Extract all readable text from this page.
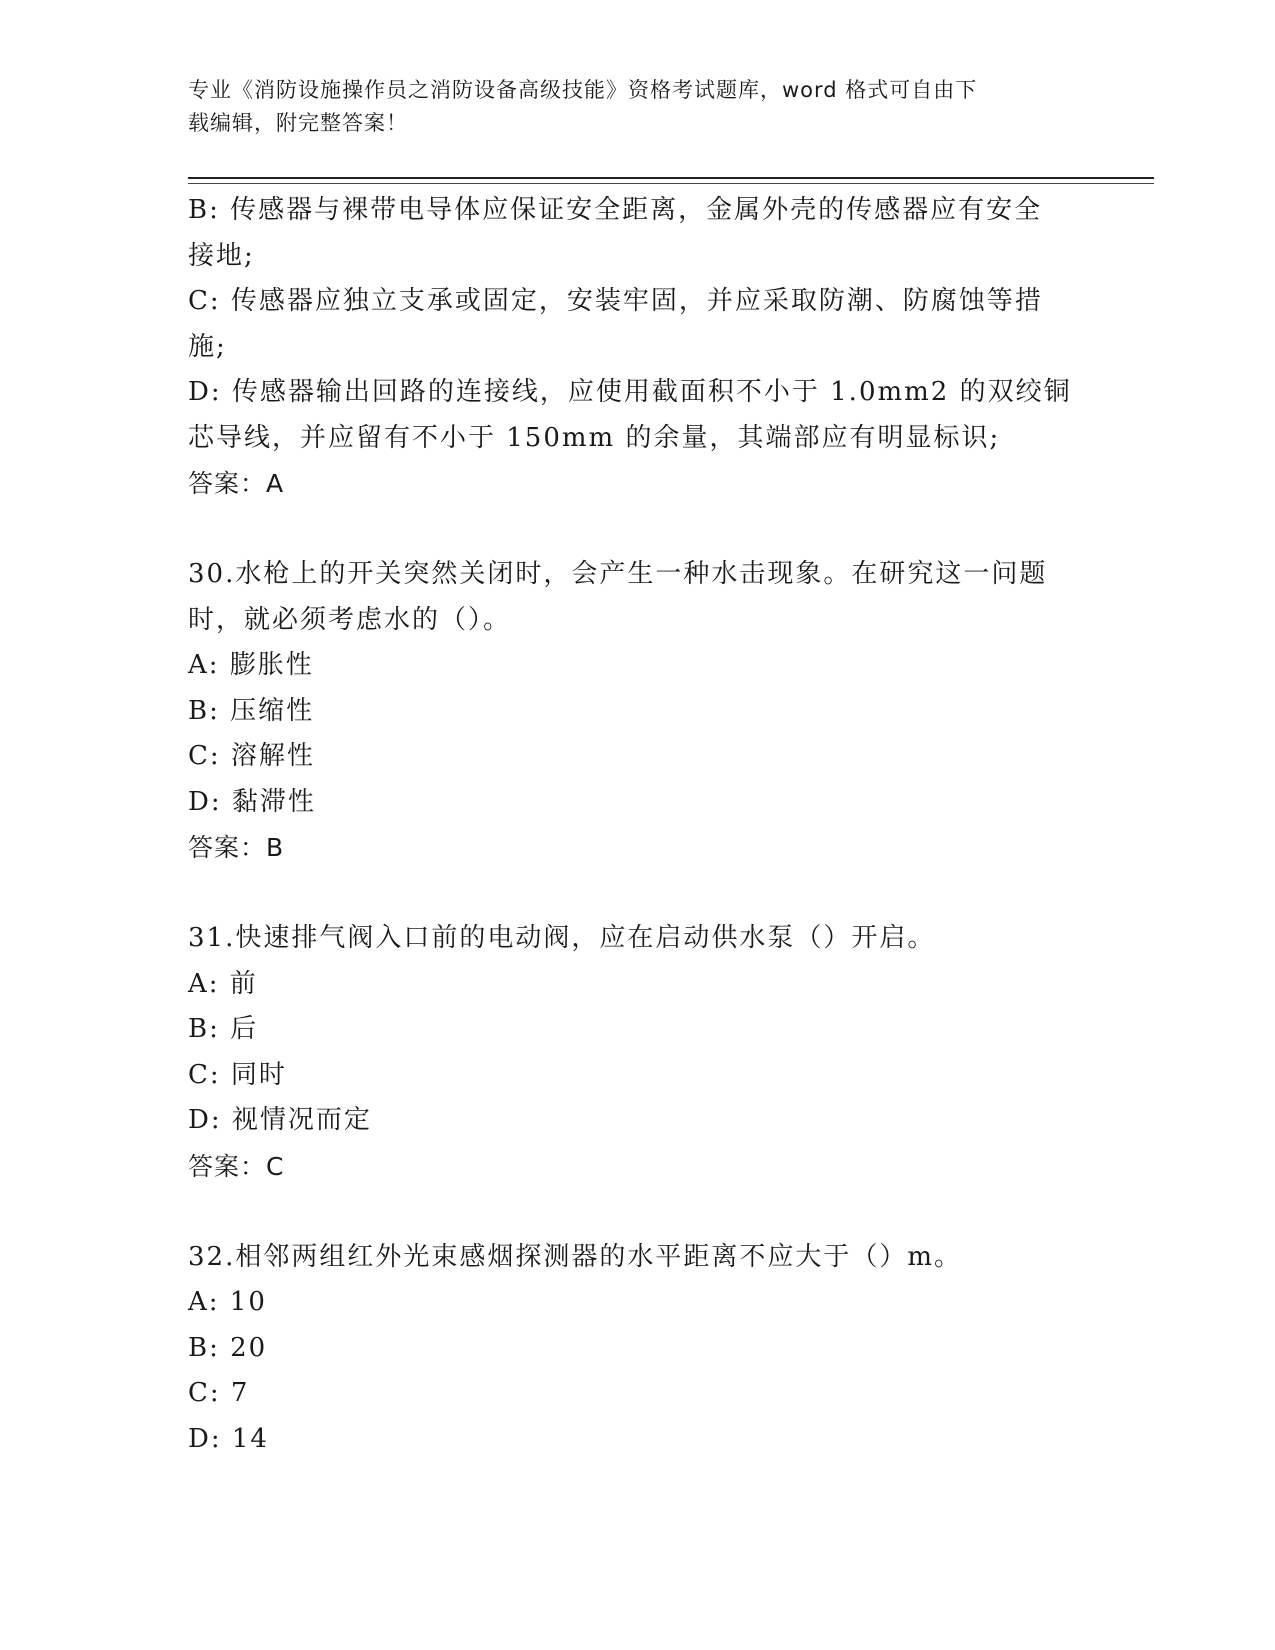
专业《消防设施操作员之消防设备高级技能》资格考试题库，word 格式可自由下
载编辑，附完整答案！
B: 传感器与裸带电导体应保证安全距离，金属外壳的传感器应有安全
接地;
C: 传感器应独立支承或固定，安装牢固，并应采取防潮、防腐蚀等措
施;
D: 传感器输出回路的连接线，应使用截面积不小于 1.0mm2 的双绞铜
芯导线，并应留有不小于 150mm 的余量，其端部应有明显标识;
答案：A
30.水枪上的开关突然关闭时，会产生一种水击现象。在研究这一问题
时，就必须考虑水的（）。
A: 膨胀性
B: 压缩性
C: 溶解性
D: 黏滞性
答案：B
31.快速排气阀入口前的电动阀，应在启动供水泵（）开启。
A: 前
B: 后
C: 同时
D: 视情况而定
答案：C
32.相邻两组红外光束感烟探测器的水平距离不应大于（）m。
A: 10
B: 20
C: 7
D: 14
